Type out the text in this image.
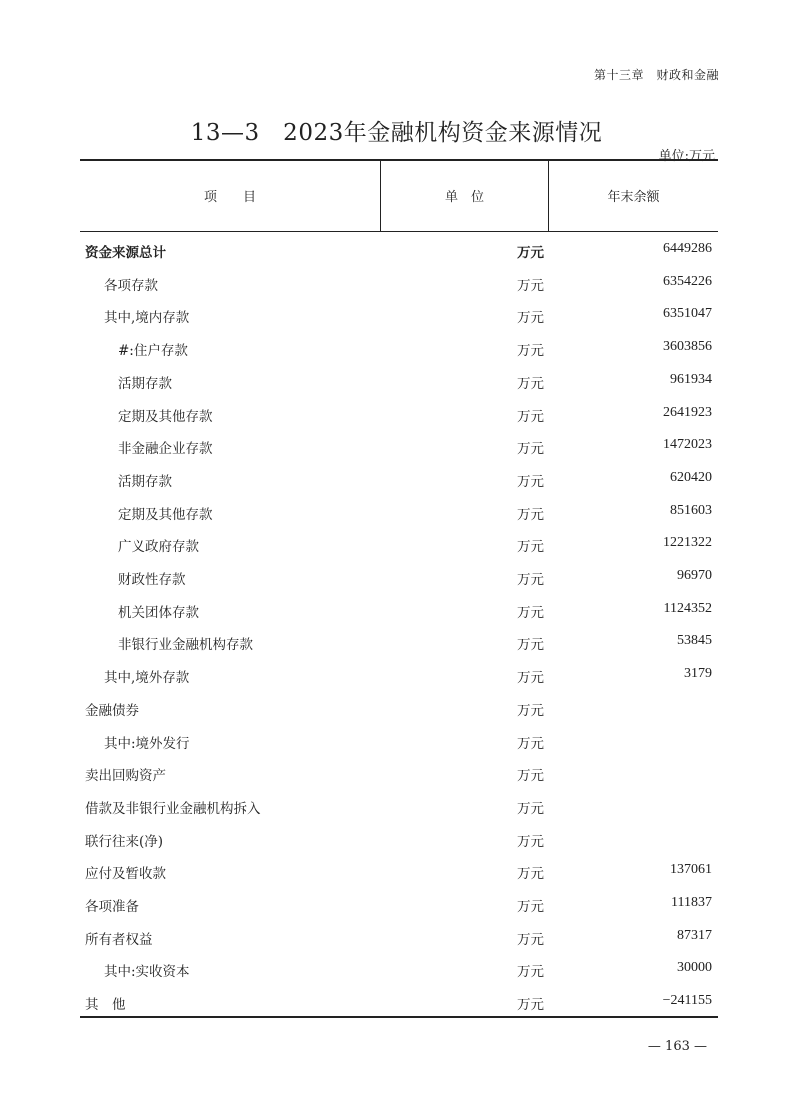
第十三章　财政和金融
13—3　2023年金融机构资金来源情况
单位:万元
项　　目	单　位	年末余额
资金来源总计	万元	6449286
各项存款	万元	6354226
其中,境内存款	万元	6351047
#:住户存款	万元	3603856
活期存款	万元	961934
定期及其他存款	万元	2641923
非金融企业存款	万元	1472023
活期存款	万元	620420
定期及其他存款	万元	851603
广义政府存款	万元	1221322
财政性存款	万元	96970
机关团体存款	万元	1124352
非银行业金融机构存款	万元	53845
其中,境外存款	万元	3179
金融债券	万元
其中:境外发行	万元
卖出回购资产	万元
借款及非银行业金融机构拆入	万元
联行往来(净)	万元
应付及暂收款	万元	137061
各项准备	万元	111837
所有者权益	万元	87317
其中:实收资本	万元	30000
其　他	万元	−241155
— 163 —
